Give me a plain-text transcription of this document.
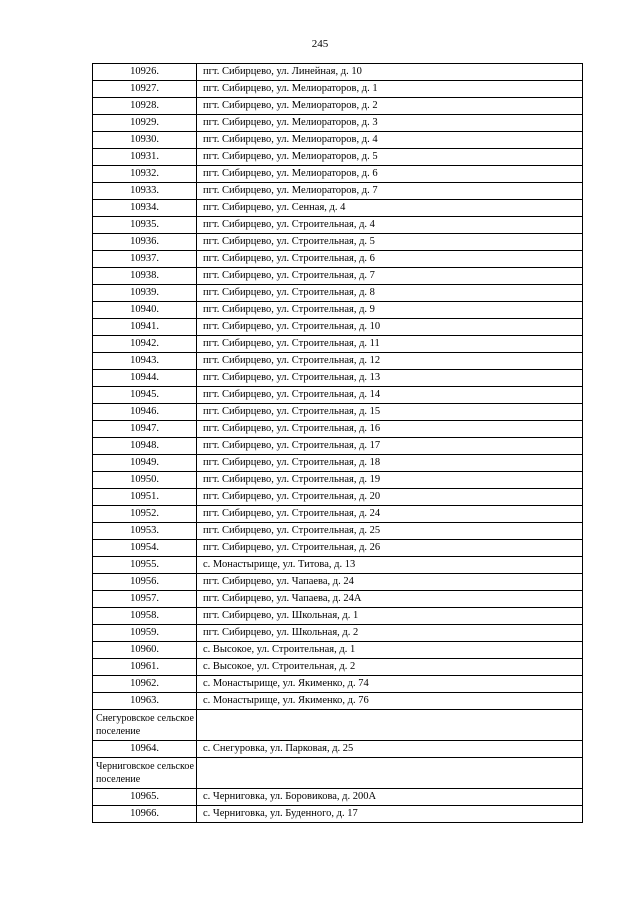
245
10926.	пгт. Сибирцево, ул. Линейная, д. 10
10927.	пгт. Сибирцево, ул. Мелиораторов, д. 1
10928.	пгт. Сибирцево, ул. Мелиораторов, д. 2
10929.	пгт. Сибирцево, ул. Мелиораторов, д. 3
10930.	пгт. Сибирцево, ул. Мелиораторов, д. 4
10931.	пгт. Сибирцево, ул. Мелиораторов, д. 5
10932.	пгт. Сибирцево, ул. Мелиораторов, д. 6
10933.	пгт. Сибирцево, ул. Мелиораторов, д. 7
10934.	пгт. Сибирцево, ул. Сенная, д. 4
10935.	пгт. Сибирцево, ул. Строительная, д. 4
10936.	пгт. Сибирцево, ул. Строительная, д. 5
10937.	пгт. Сибирцево, ул. Строительная, д. 6
10938.	пгт. Сибирцево, ул. Строительная, д. 7
10939.	пгт. Сибирцево, ул. Строительная, д. 8
10940.	пгт. Сибирцево, ул. Строительная, д. 9
10941.	пгт. Сибирцево, ул. Строительная, д. 10
10942.	пгт. Сибирцево, ул. Строительная, д. 11
10943.	пгт. Сибирцево, ул. Строительная, д. 12
10944.	пгт. Сибирцево, ул. Строительная, д. 13
10945.	пгт. Сибирцево, ул. Строительная, д. 14
10946.	пгт. Сибирцево, ул. Строительная, д. 15
10947.	пгт. Сибирцево, ул. Строительная, д. 16
10948.	пгт. Сибирцево, ул. Строительная, д. 17
10949.	пгт. Сибирцево, ул. Строительная, д. 18
10950.	пгт. Сибирцево, ул. Строительная, д. 19
10951.	пгт. Сибирцево, ул. Строительная, д. 20
10952.	пгт. Сибирцево, ул. Строительная, д. 24
10953.	пгт. Сибирцево, ул. Строительная, д. 25
10954.	пгт. Сибирцево, ул. Строительная, д. 26
10955.	с. Монастырище, ул. Титова, д. 13
10956.	пгт. Сибирцево, ул. Чапаева, д. 24
10957.	пгт. Сибирцево, ул. Чапаева, д. 24А
10958.	пгт. Сибирцево, ул. Школьная, д. 1
10959.	пгт. Сибирцево, ул. Школьная, д. 2
10960.	с. Высокое, ул. Строительная, д. 1
10961.	с. Высокое, ул. Строительная, д. 2
10962.	с. Монастырище, ул. Якименко, д. 74
10963.	с. Монастырище, ул. Якименко, д. 76
Снегуровское сельское поселение	
10964.	с. Снегуровка, ул. Парковая, д. 25
Черниговское сельское поселение	
10965.	с. Черниговка, ул. Боровикова, д. 200А
10966.	с. Черниговка, ул. Буденного, д. 17
